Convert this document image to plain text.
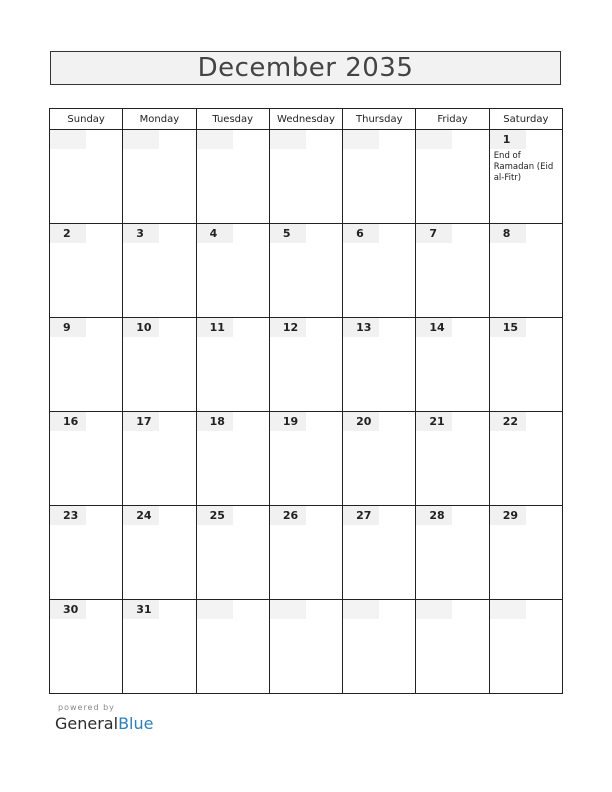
December 2035
Sunday	Monday	Tuesday	Wednesday	Thursday	Friday	Saturday

						1
End of Ramadan (Eid al-Fitr)

2	3	4	5	6	7	8

9	10	11	12	13	14	15

16	17	18	19	20	21	22

23	24	25	26	27	28	29

30	31					

powered by
GeneralBlue
